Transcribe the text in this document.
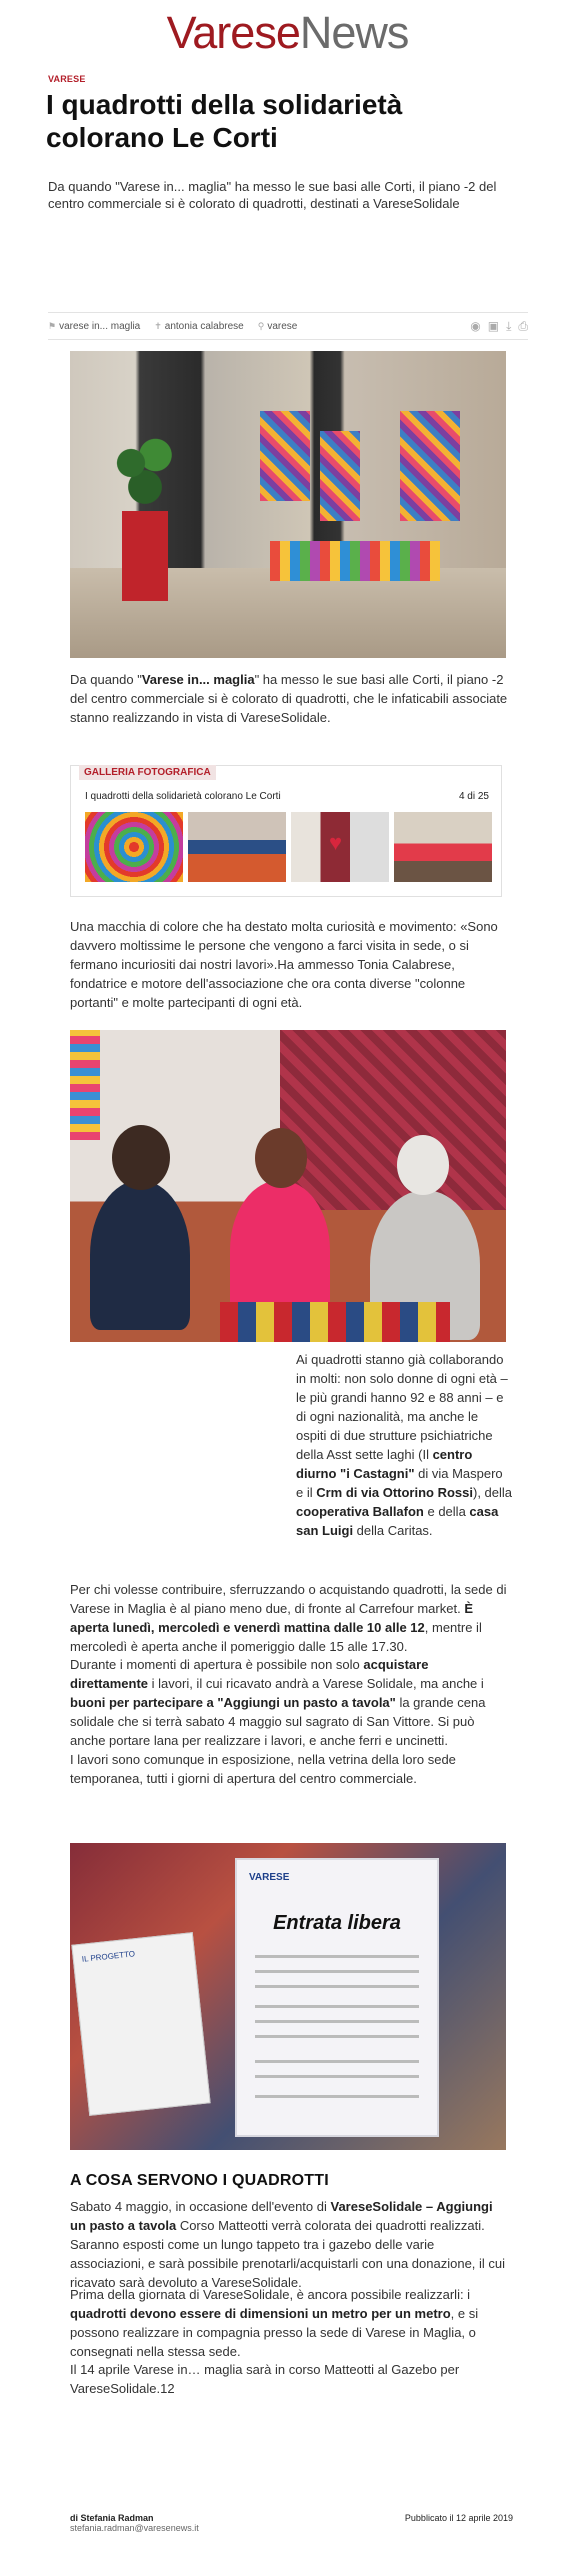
VareseNews
VARESE
I quadrotti della solidarietà colorano Le Corti

Da quando "Varese in... maglia" ha messo le sue basi alle Corti, il piano -2 del centro commerciale si è colorato di quadrotti, destinati a VareseSolidale

⚑ varese in... maglia ✝ antonia calabrese ⚲ varese	◉ ▣ ⤓ ⎙

Da quando "Varese in... maglia" ha messo le sue basi alle Corti, il piano -2 del centro commerciale si è colorato di quadrotti, che le infaticabili associate stanno realizzando in vista di VareseSolidale.

GALLERIA FOTOGRAFICA
I quadrotti della solidarietà colorano Le Corti	4 di 25
♥

Una macchia di colore che ha destato molta curiosità e movimento: «Sono davvero moltissime le persone che vengono a farci visita in sede, o si fermano incuriositi dai nostri lavori».Ha ammesso Tonia Calabrese, fondatrice e motore dell'associazione che ora conta diverse "colonne portanti" e molte partecipanti di ogni età.

Ai quadrotti stanno già collaborando in molti: non solo donne di ogni età – le più grandi hanno 92 e 88 anni – e di ogni nazionalità, ma anche le ospiti di due strutture psichiatriche della Asst sette laghi (Il centro diurno "i Castagni" di via Maspero e il Crm di via Ottorino Rossi), della cooperativa Ballafon e della casa san Luigi della Caritas.

Per chi volesse contribuire, sferruzzando o acquistando quadrotti, la sede di Varese in Maglia è al piano meno due, di fronte al Carrefour market. È aperta lunedì, mercoledì e venerdì mattina dalle 10 alle 12, mentre il mercoledì è aperta anche il pomeriggio dalle 15 alle 17.30.

Durante i momenti di apertura è possibile non solo acquistare direttamente i lavori, il cui ricavato andrà a Varese Solidale, ma anche i buoni per partecipare a "Aggiungi un pasto a tavola" la grande cena solidale che si terrà sabato 4 maggio sul sagrato di San Vittore. Si può anche portare lana per realizzare i lavori, e anche ferri e uncinetti.

I lavori sono comunque in esposizione, nella vetrina della loro sede temporanea, tutti i giorni di apertura del centro commerciale.

IL PROGETTO
VARESE
Entrata libera
A COSA SERVONO I QUADROTTI

Sabato 4 maggio, in occasione dell'evento di VareseSolidale – Aggiungi un pasto a tavola Corso Matteotti verrà colorata dei quadrotti realizzati. Saranno esposti come un lungo tappeto tra i gazebo delle varie associazioni, e sarà possibile prenotarli/acquistarli con una donazione, il cui ricavato sarà devoluto a VareseSolidale.

Prima della giornata di VareseSolidale, è ancora possibile realizzarli: i quadrotti devono essere di dimensioni un metro per un metro, e si possono realizzare in compagnia presso la sede di Varese in Maglia, o consegnati nella stessa sede.

Il 14 aprile Varese in… maglia sarà in corso Matteotti al Gazebo per VareseSolidale.12

di Stefania Radman
stefania.radman@varesenews.it
Pubblicato il 12 aprile 2019
